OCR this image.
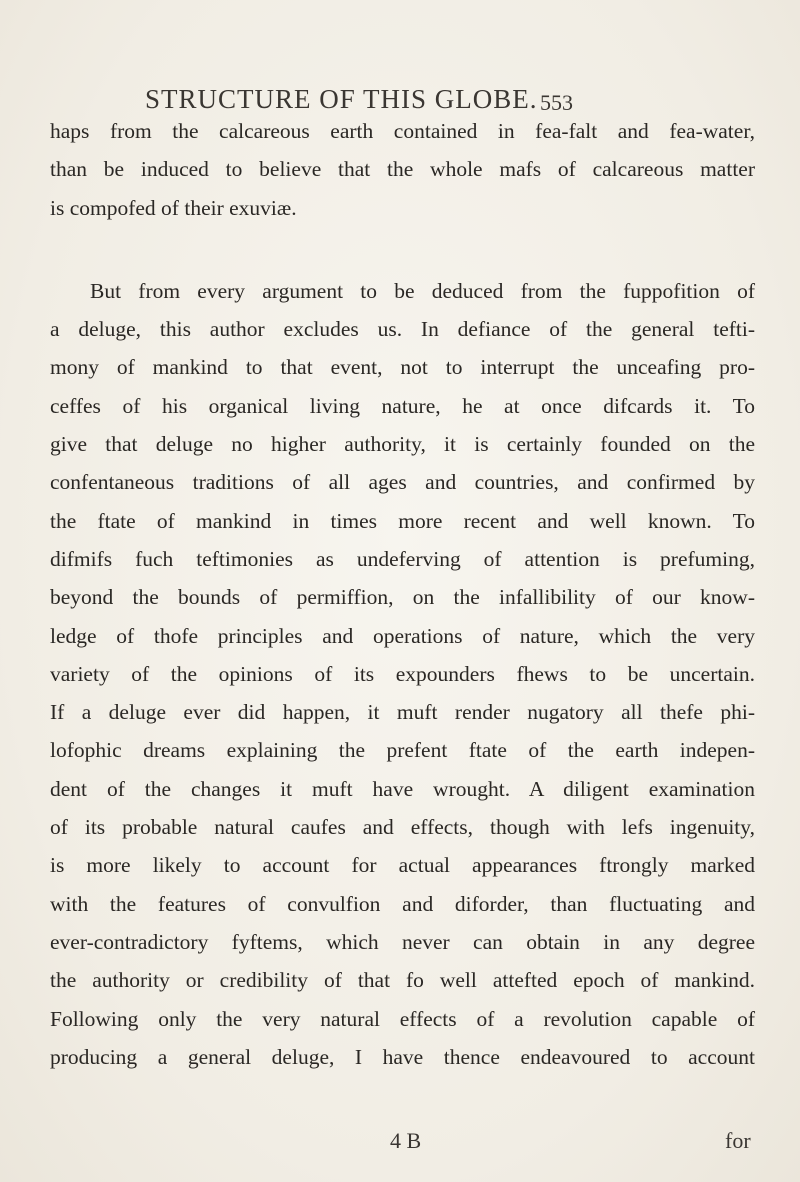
STRUCTURE OF THIS GLOBE. 553
haps from the calcareous earth contained in fea-falt and fea-water,
than be induced to believe that the whole mafs of calcareous matter
is compofed of their exuviæ.
But from every argument to be deduced from the fuppofition of
a deluge, this author excludes us. In defiance of the general tefti-
mony of mankind to that event, not to interrupt the unceafing pro-
ceffes of his organical living nature, he at once difcards it. To
give that deluge no higher authority, it is certainly founded on the
confentaneous traditions of all ages and countries, and confirmed by
the ftate of mankind in times more recent and well known. To
difmifs fuch teftimonies as undeferving of attention is prefuming,
beyond the bounds of permiffion, on the infallibility of our know-
ledge of thofe principles and operations of nature, which the very
variety of the opinions of its expounders fhews to be uncertain.
If a deluge ever did happen, it muft render nugatory all thefe phi-
lofophic dreams explaining the prefent ftate of the earth indepen-
dent of the changes it muft have wrought. A diligent examination
of its probable natural caufes and effects, though with lefs ingenuity,
is more likely to account for actual appearances ftrongly marked
with the features of convulfion and diforder, than fluctuating and
ever-contradictory fyftems, which never can obtain in any degree
the authority or credibility of that fo well attefted epoch of mankind.
Following only the very natural effects of a revolution capable of
producing a general deluge, I have thence endeavoured to account
4 B	for
